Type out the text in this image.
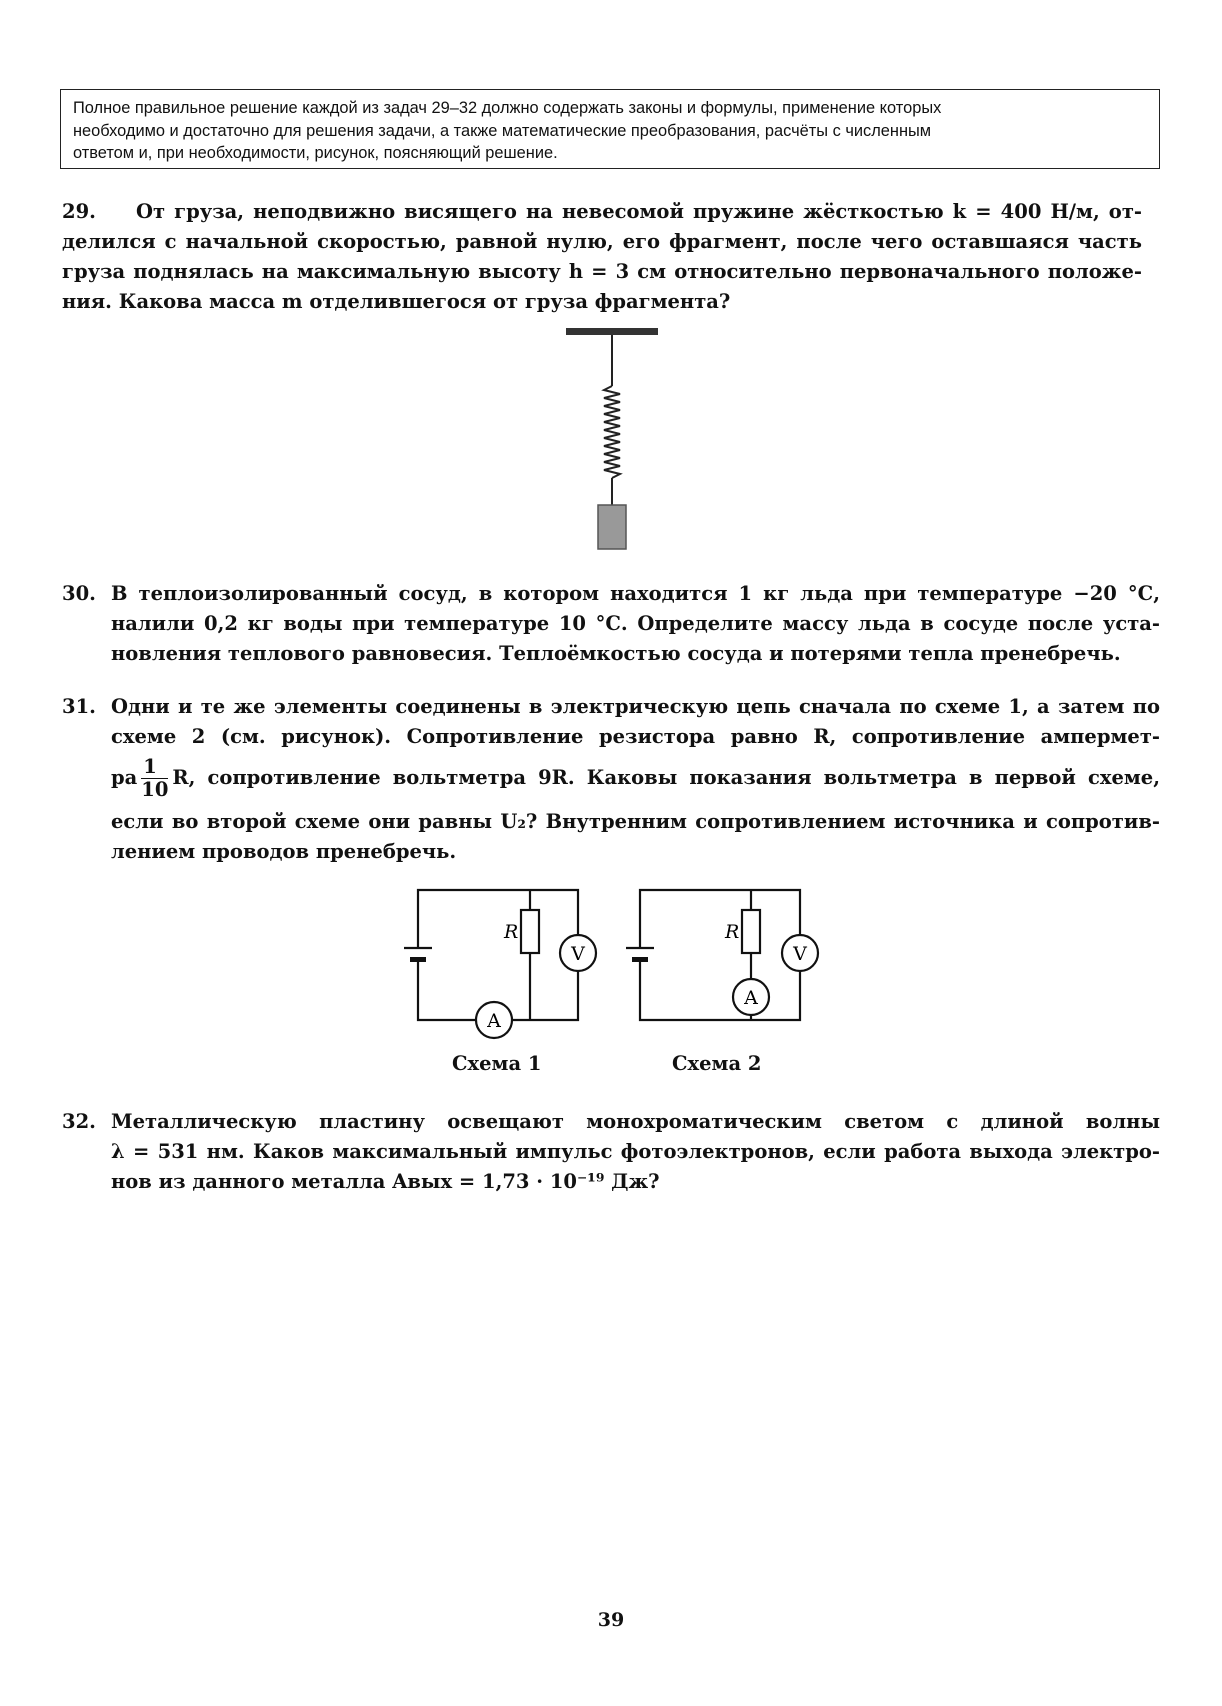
Полное правильное решение каждой из задач 29–32 должно содержать законы и формулы, применение которых
необходимо и достаточно для решения задачи, а также математические преобразования, расчёты с численным
ответом и, при необходимости, рисунок, поясняющий решение.
29. От груза, неподвижно висящего на невесомой пружине жёсткостью k = 400 Н/м, от-
делился с начальной скоростью, равной нулю, его фрагмент, после чего оставшаяся часть
груза поднялась на максимальную высоту h = 3 см относительно первоначального положе-
ния. Какова масса m отделившегося от груза фрагмента?
30. В теплоизолированный сосуд, в котором находится 1 кг льда при температуре −20 °С,
налили 0,2 кг воды при температуре 10 °С. Определите массу льда в сосуде после уста-
новления теплового равновесия. Теплоёмкостью сосуда и потерями тепла пренебречь.
31. Одни и те же элементы соединены в электрическую цепь сначала по схеме 1, а затем по
схеме 2 (см. рисунок). Сопротивление резистора равно R, сопротивление ампермет-
ра $\frac{1}{10} R$, сопротивление вольтметра 9R. Каковы показания вольтметра в первой схеме,
если во второй схеме они равны U₂? Внутренним сопротивлением источника и сопротив-
лением проводов пренебречь.
R
V
A
R
V
A
Схема 1	Схема 2
32. Металлическую пластину освещают монохроматическим светом с длиной волны
λ = 531 нм. Каков максимальный импульс фотоэлектронов, если работа выхода электро-
нов из данного металла Aвых = 1,73 · 10⁻¹⁹ Дж?
39
